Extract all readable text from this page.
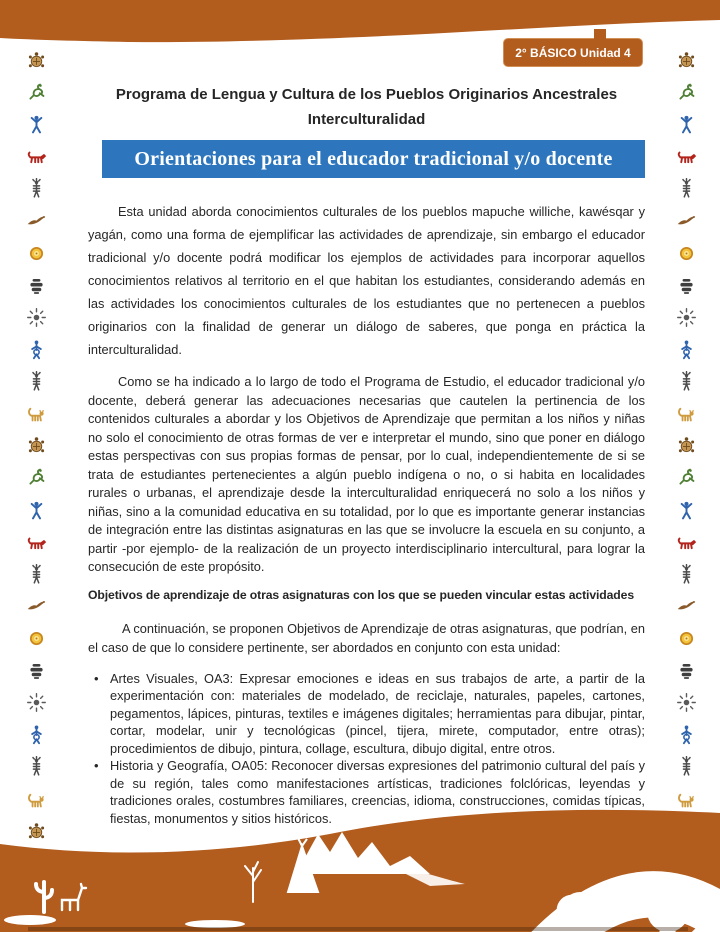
2° BÁSICO Unidad 4
Programa de Lengua y Cultura de los Pueblos Originarios Ancestrales
Interculturalidad
Orientaciones para el educador tradicional y/o docente

Esta unidad aborda conocimientos culturales de los pueblos mapuche williche, kawésqar y yagán, como una forma de ejemplificar las actividades de aprendizaje, sin embargo el educador tradicional y/o docente podrá modificar los ejemplos de actividades para incorporar aquellos conocimientos relativos al territorio en el que habitan los estudiantes, considerando además en las actividades los conocimientos culturales de los estudiantes que no pertenecen a pueblos originarios con la finalidad de generar un diálogo de saberes, que ponga en práctica la interculturalidad.

Como se ha indicado a lo largo de todo el Programa de Estudio, el educador tradicional y/o docente, deberá generar las adecuaciones necesarias que cautelen la pertinencia de los contenidos culturales a abordar y los Objetivos de Aprendizaje que permitan a los niños y niñas no solo el conocimiento de otras formas de ver e interpretar el mundo, sino que poner en diálogo estas perspectivas con sus propias formas de pensar, por lo cual, independientemente de si se trata de estudiantes pertenecientes a algún pueblo indígena o no, o si habita en localidades rurales o urbanas, el aprendizaje desde la interculturalidad enriquecerá no solo a los niños y niñas, sino a la comunidad educativa en su totalidad, por lo que es importante generar instancias de integración entre las distintas asignaturas en las que se involucre la escuela en su conjunto, a partir -por ejemplo- de la realización de un proyecto interdisciplinario intercultural, para lograr la consecución de este propósito.

Objetivos de aprendizaje de otras asignaturas con los que se pueden vincular estas actividades

A continuación, se proponen Objetivos de Aprendizaje de otras asignaturas, que podrían, en el caso de que lo considere pertinente, ser abordados en conjunto con esta unidad:

• Artes Visuales, OA3: Expresar emociones e ideas en sus trabajos de arte, a partir de la experimentación con: materiales de modelado, de reciclaje, naturales, papeles, cartones, pegamentos, lápices, pinturas, textiles e imágenes digitales; herramientas para dibujar, pintar, cortar, modelar, unir y tecnológicas (pincel, tijera, mirete, computador, entre otras); procedimientos de dibujo, pintura, collage, escultura, dibujo digital, entre otros.
• Historia y Geografía, OA05: Reconocer diversas expresiones del patrimonio cultural del país y de su región, tales como manifestaciones artísticas, tradiciones folclóricas, leyendas y tradiciones orales, costumbres familiares, creencias, idioma, construcciones, comidas típicas, fiestas, monumentos y sitios históricos.
